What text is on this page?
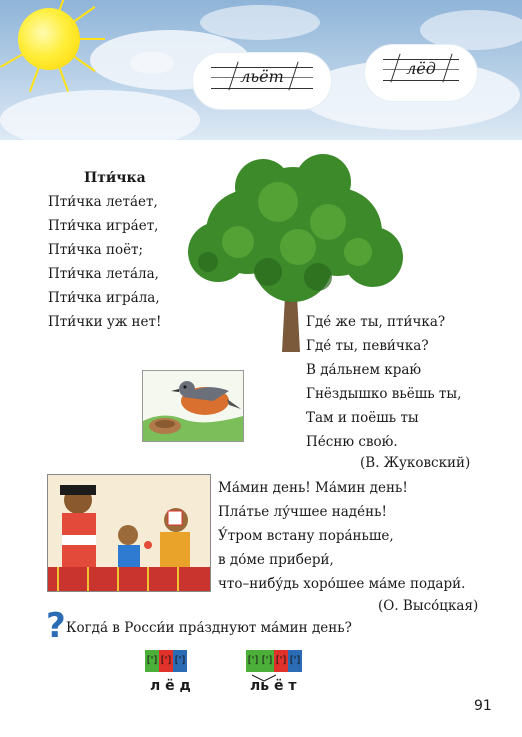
льёт	лёд
Пти́чка
Пти́чка лета́ет,
Пти́чка игра́ет,
Пти́чка поёт;
Пти́чка лета́ла,
Пти́чка игра́ла,
Пти́чки уж нет!	Где́ же ты, пти́чка?
Где́ ты, певи́чка?
В да́льнем краю́
Гнёздышко вьёшь ты,
Там и поёшь ты
Пе́сню свою́.
(В. Жуковский)
Ма́мин день! Ма́мин день!
Пла́тье лу́чшее наде́нь!
У́тром встану пора́ньше,
в до́ме прибери́,
что–нибу́дь хоро́шее ма́ме подари́.
(О. Высо́цкая)
? Когда́ в Росси́и пра́зднуют ма́мин день?
['] ['] [']
л ё д
['] ['] ['] [']
ль ё т
91
